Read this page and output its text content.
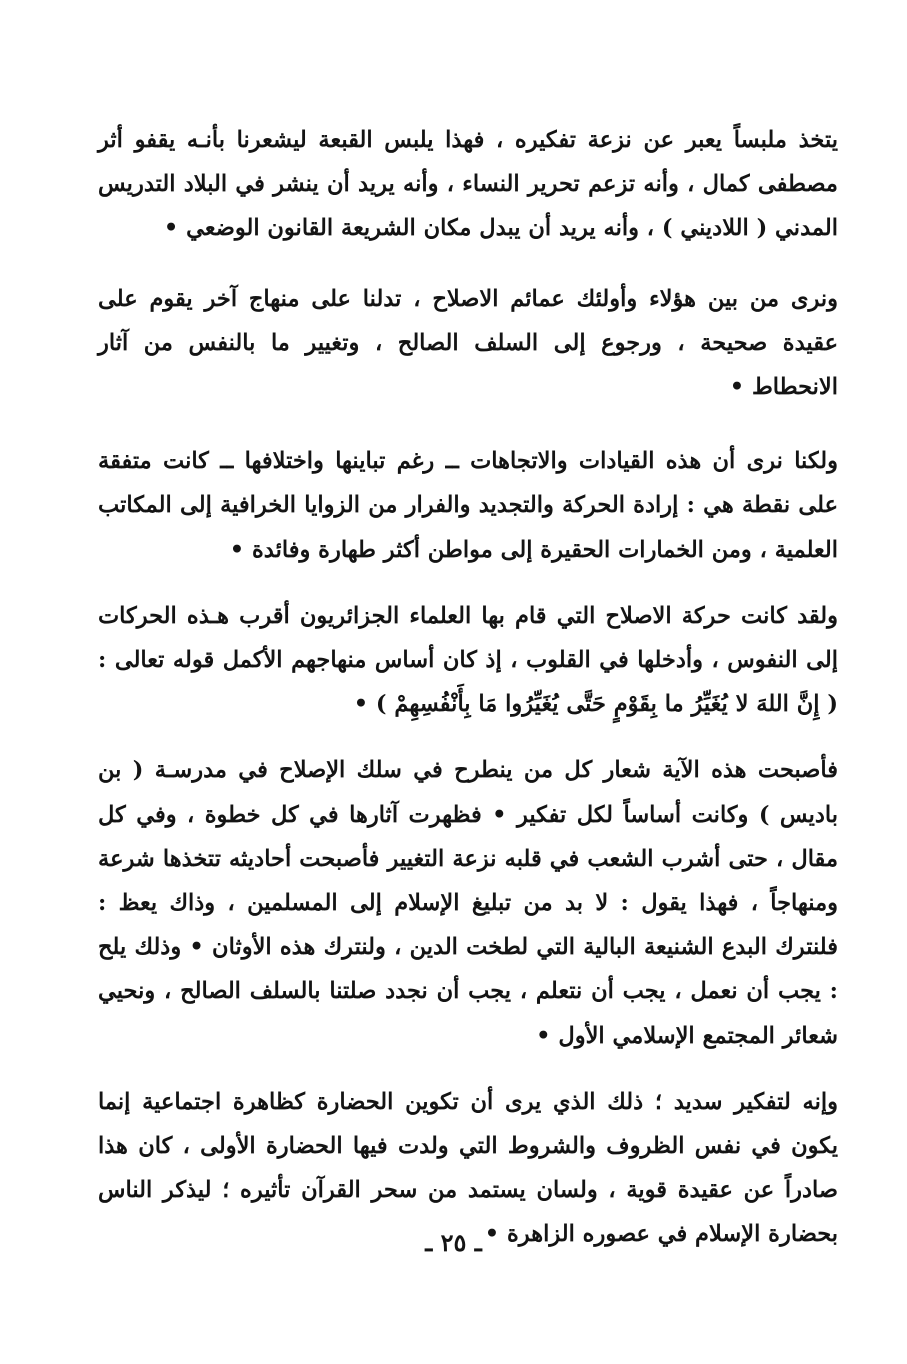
يتخذ ملبساً يعبر عن نزعة تفكيره ، فهذا يلبس القبعة ليشعرنا بأنـه يقفو أثر مصطفى كمال ، وأنه تزعم تحرير النساء ، وأنه يريد أن ينشر في البلاد التدريس المدني ( اللاديني ) ، وأنه يريد أن يبدل مكان الشريعة القانون الوضعي •

ونرى من بين هؤلاء وأولئك عمائم الاصلاح ، تدلنا على منهاج آخر يقوم على عقيدة صحيحة ، ورجوع إلى السلف الصالح ، وتغيير ما بالنفس من آثار الانحطاط •

ولكنا نرى أن هذه القيادات والاتجاهات ــ رغم تباينها واختلافها ــ كانت متفقة على نقطة هي : إرادة الحركة والتجديد والفرار من الزوايا الخرافية إلى المكاتب العلمية ، ومن الخمارات الحقيرة إلى مواطن أكثر طهارة وفائدة •

ولقد كانت حركة الاصلاح التي قام بها العلماء الجزائريون أقرب هـذه الحركات إلى النفوس ، وأدخلها في القلوب ، إذ كان أساس منهاجهم الأكمل قوله تعالى : ( إِنَّ اللهَ لا يُغَيِّرُ ما بِقَوْمٍ حَتَّى يُغَيِّرُوا مَا بِأَنْفُسِهِمْ ) •

فأصبحت هذه الآية شعار كل من ينطرح في سلك الإصلاح في مدرسـة ( بن باديس ) وكانت أساساً لكل تفكير • فظهرت آثارها في كل خطوة ، وفي كل مقال ، حتى أشرب الشعب في قلبه نزعة التغيير فأصبحت أحاديثه تتخذها شرعة ومنهاجاً ، فهذا يقول : لا بد من تبليغ الإسلام إلى المسلمين ، وذاك يعظ : فلنترك البدع الشنيعة البالية التي لطخت الدين ، ولنترك هذه الأوثان • وذلك يلح : يجب أن نعمل ، يجب أن نتعلم ، يجب أن نجدد صلتنا بالسلف الصالح ، ونحيي شعائر المجتمع الإسلامي الأول •

وإنه لتفكير سديد ؛ ذلك الذي يرى أن تكوين الحضارة كظاهرة اجتماعية إنما يكون في نفس الظروف والشروط التي ولدت فيها الحضارة الأولى ، كان هذا صادراً عن عقيدة قوية ، ولسان يستمد من سحر القرآن تأثيره ؛ ليذكر الناس بحضارة الإسلام في عصوره الزاهرة •

ـ ٢٥ ـ
